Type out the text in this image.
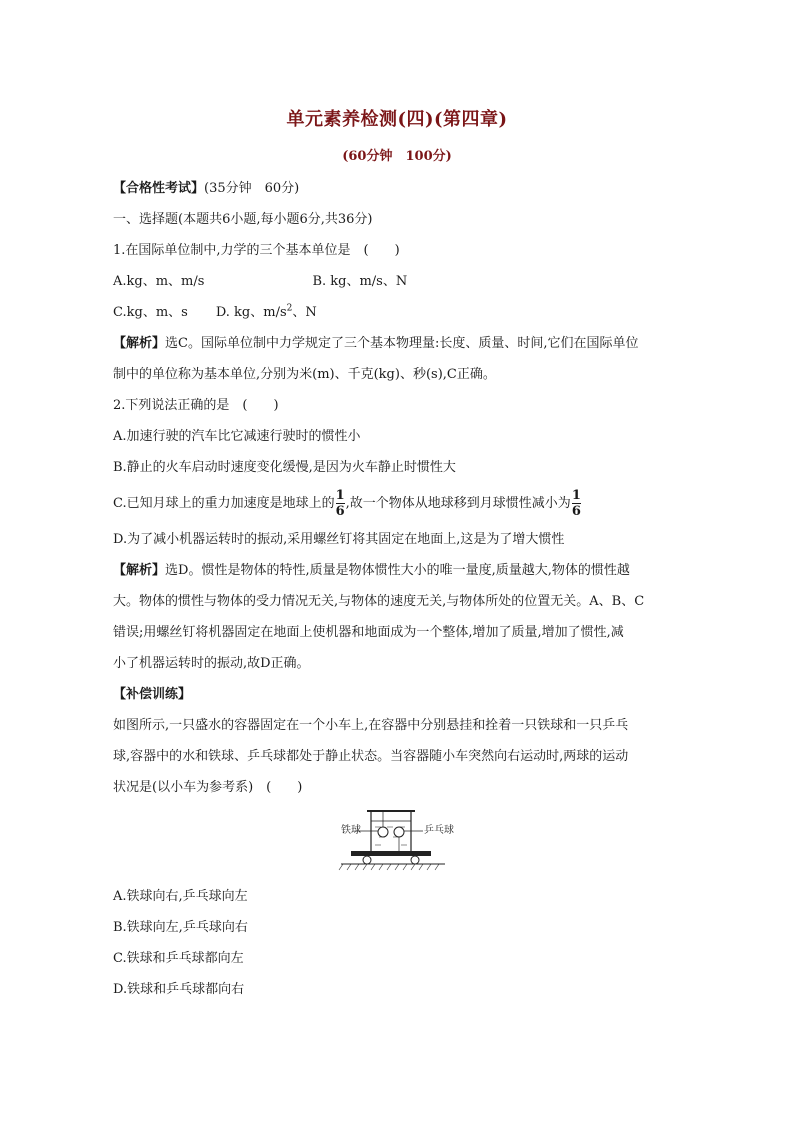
单元素养检测(四)(第四章)
(60分钟　100分)
【合格性考试】(35分钟　60分)
一、选择题(本题共6小题,每小题6分,共36分)
1.在国际单位制中,力学的三个基本单位是　(　　)
A.kg、m、m/s	B. kg、m/s、N
C.kg、m、s D. kg、$m/s^2$、N
【解析】选C。国际单位制中力学规定了三个基本物理量:长度、质量、时间,它们在国际单位
制中的单位称为基本单位,分别为米(m)、千克(kg)、秒(s),C正确。
2.下列说法正确的是　(　　)
A.加速行驶的汽车比它减速行驶时的惯性小
B.静止的火车启动时速度变化缓慢,是因为火车静止时惯性大
C.已知月球上的重力加速度是地球上的 $\frac{1}{6}$ ,故一个物体从地球移到月球惯性减小为 $\frac{1}{6}$
D.为了减小机器运转时的振动,采用螺丝钉将其固定在地面上,这是为了增大惯性
【解析】选D。惯性是物体的特性,质量是物体惯性大小的唯一量度,质量越大,物体的惯性越
大。物体的惯性与物体的受力情况无关,与物体的速度无关,与物体所处的位置无关。A、B、C
错误;用螺丝钉将机器固定在地面上使机器和地面成为一个整体,增加了质量,增加了惯性,减
小了机器运转时的振动,故D正确。
【补偿训练】
如图所示,一只盛水的容器固定在一个小车上,在容器中分别悬挂和拴着一只铁球和一只乒乓
球,容器中的水和铁球、乒乓球都处于静止状态。当容器随小车突然向右运动时,两球的运动
状况是(以小车为参考系)　(　　)
铁球	乒乓球
A.铁球向右,乒乓球向左
B.铁球向左,乒乓球向右
C.铁球和乒乓球都向左
D.铁球和乒乓球都向右
